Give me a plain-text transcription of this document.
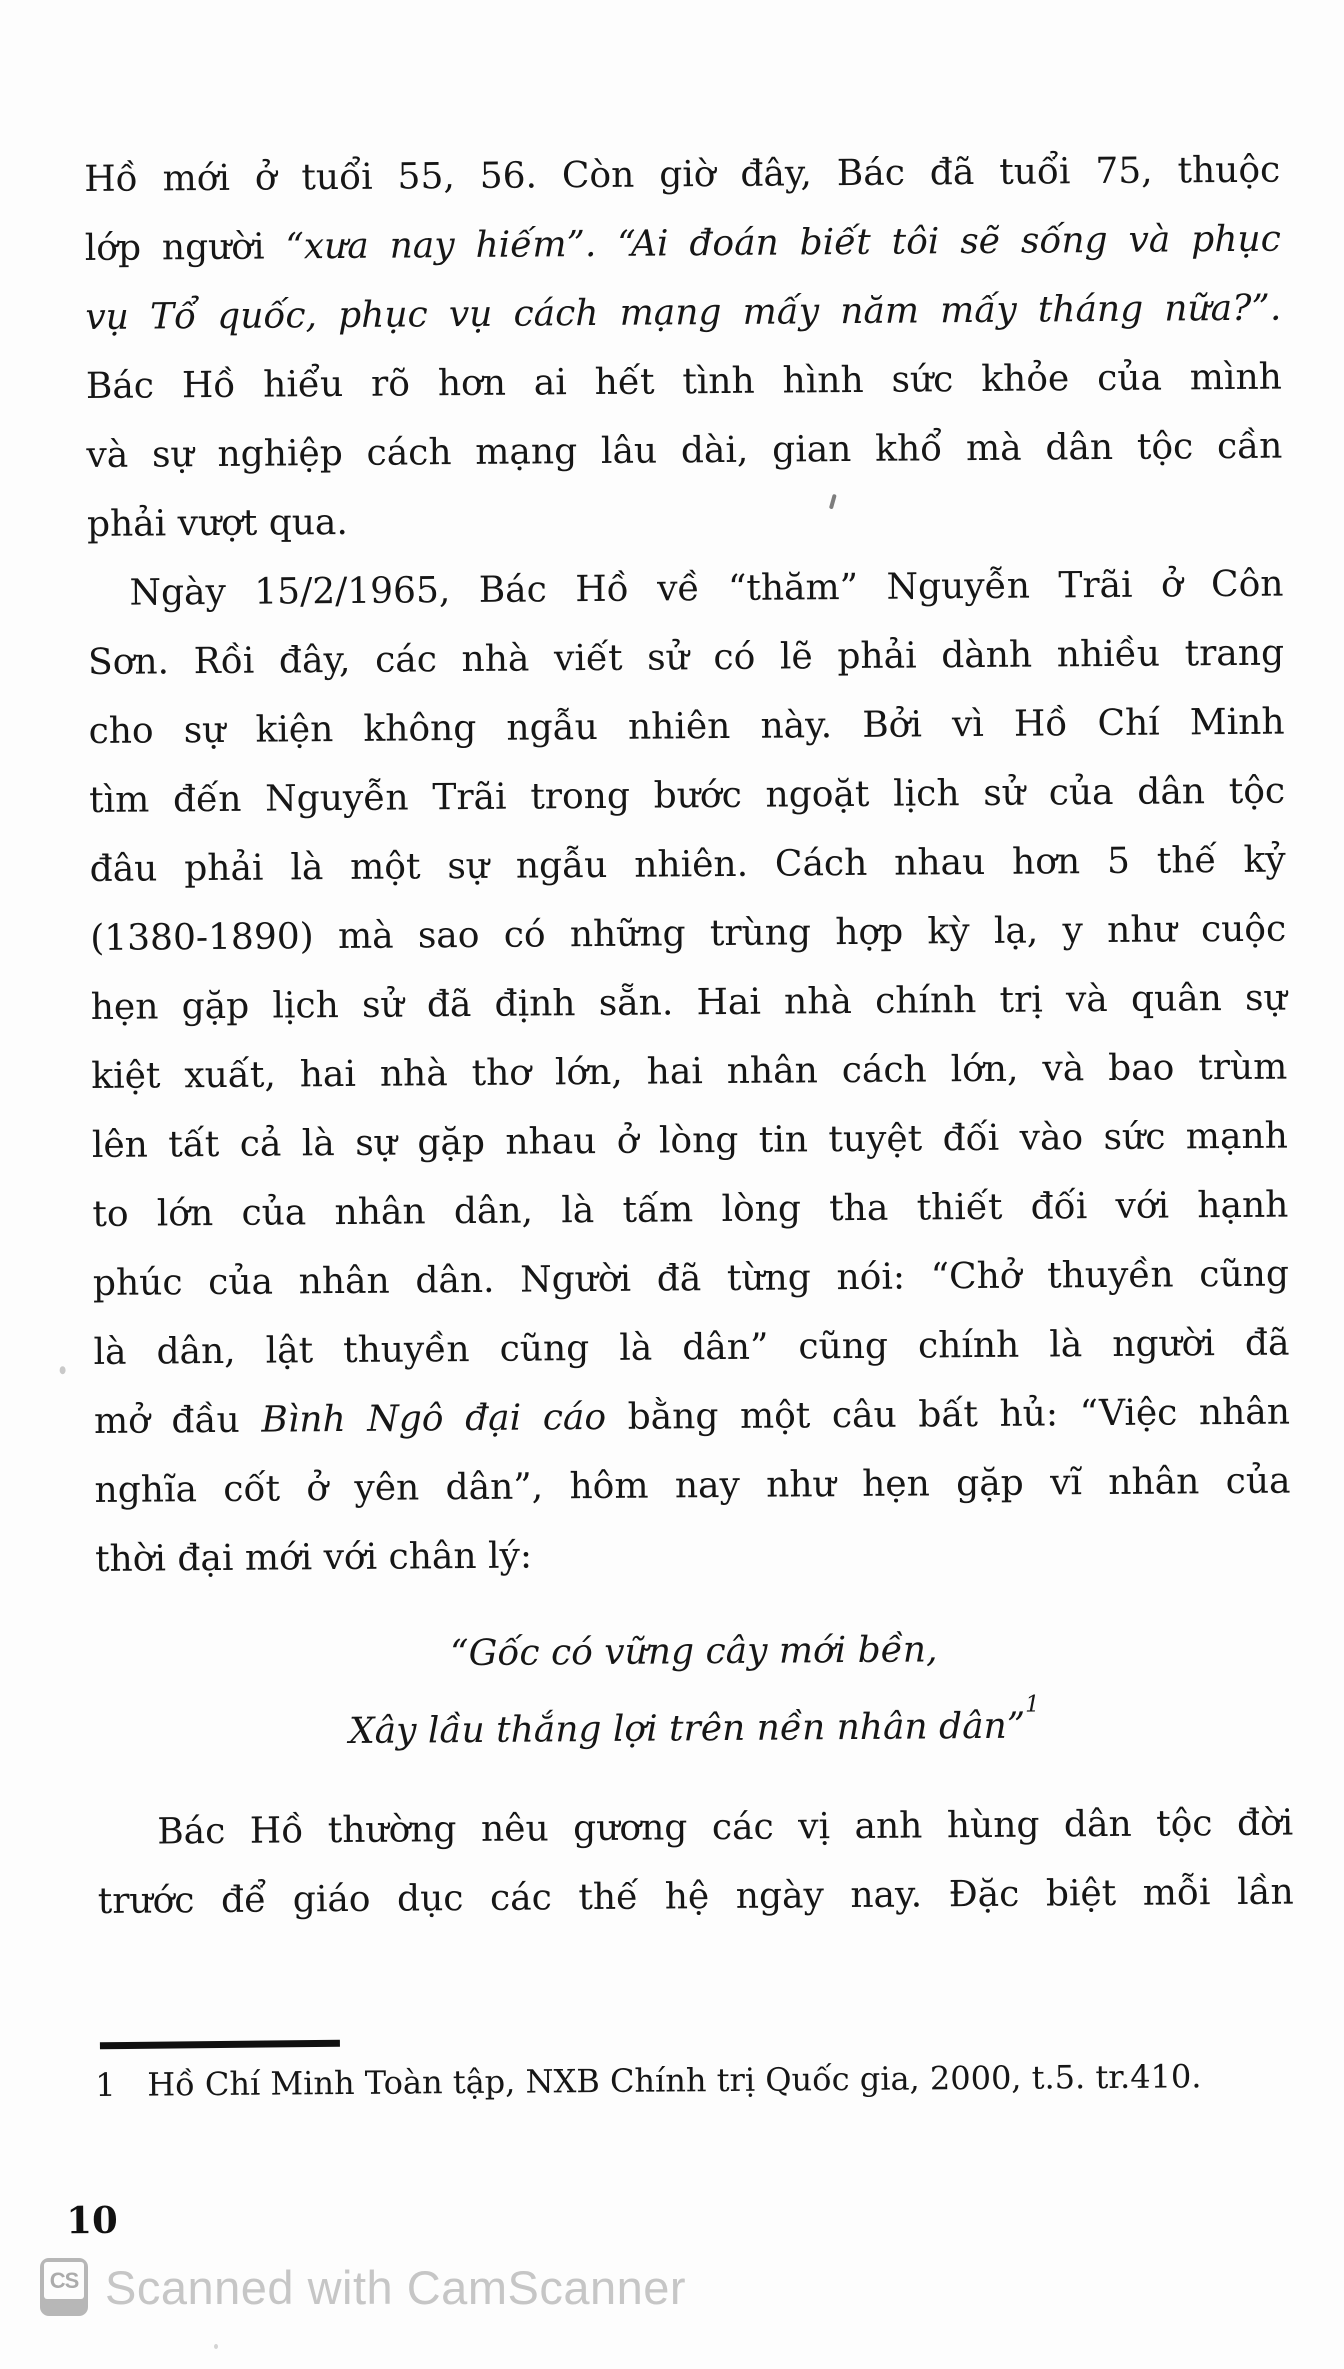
Hồ mới ở tuổi 55, 56. Còn giờ đây, Bác đã tuổi 75, thuộc

lớp người “xưa nay hiếm”. “Ai đoán biết tôi sẽ sống và phục

vụ Tổ quốc, phục vụ cách mạng mấy năm mấy tháng nữa?”.

Bác Hồ hiểu rõ hơn ai hết tình hình sức khỏe của mình

và sự nghiệp cách mạng lâu dài, gian khổ mà dân tộc cần

phải vượt qua.

Ngày 15/2/1965, Bác Hồ về “thăm” Nguyễn Trãi ở Côn

Sơn. Rồi đây, các nhà viết sử có lẽ phải dành nhiều trang

cho sự kiện không ngẫu nhiên này. Bởi vì Hồ Chí Minh

tìm đến Nguyễn Trãi trong bước ngoặt lịch sử của dân tộc

đâu phải là một sự ngẫu nhiên. Cách nhau hơn 5 thế kỷ

(1380-1890) mà sao có những trùng hợp kỳ lạ, y như cuộc

hẹn gặp lịch sử đã định sẵn. Hai nhà chính trị và quân sự

kiệt xuất, hai nhà thơ lớn, hai nhân cách lớn, và bao trùm

lên tất cả là sự gặp nhau ở lòng tin tuyệt đối vào sức mạnh

to lớn của nhân dân, là tấm lòng tha thiết đối với hạnh

phúc của nhân dân. Người đã từng nói: “Chở thuyền cũng

là dân, lật thuyền cũng là dân” cũng chính là người đã

mở đầu Bình Ngô đại cáo bằng một câu bất hủ: “Việc nhân

nghĩa cốt ở yên dân”, hôm nay như hẹn gặp vĩ nhân của

thời đại mới với chân lý:

“Gốc có vững cây mới bền,

Xây lầu thắng lợi trên nền nhân dân”$^1$

Bác Hồ thường nêu gương các vị anh hùng dân tộc đời

trước để giáo dục các thế hệ ngày nay. Đặc biệt mỗi lần

1 Hồ Chí Minh Toàn tập, NXB Chính trị Quốc gia, 2000, t.5. tr.410.
10
CS Scanned with CamScanner
